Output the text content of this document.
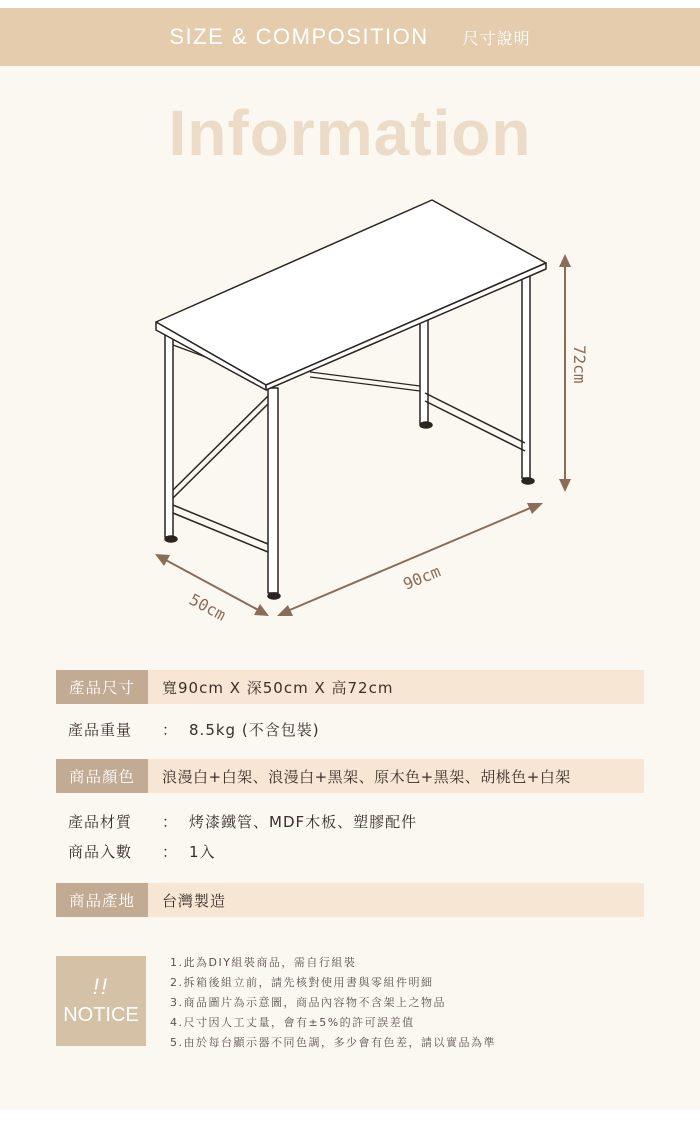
SIZE & COMPOSITION 尺寸說明
Information
72cm
90cm
50cm
產品尺寸	寬90cm X 深50cm X 高72cm
產品重量	： 8.5kg (不含包裝)
商品顏色	浪漫白+白架、浪漫白+黑架、原木色+黑架、胡桃色+白架
產品材質	： 烤漆鐵管、MDF木板、塑膠配件
商品入數	： 1入
商品產地	台灣製造
!!
NOTICE
1.此為DIY組裝商品，需自行組裝
2.拆箱後組立前，請先核對使用書與零組件明細
3.商品圖片為示意圖，商品內容物不含架上之物品
4.尺寸因人工丈量，會有±5%的許可誤差值
5.由於每台顯示器不同色調，多少會有色差，請以實品為準
